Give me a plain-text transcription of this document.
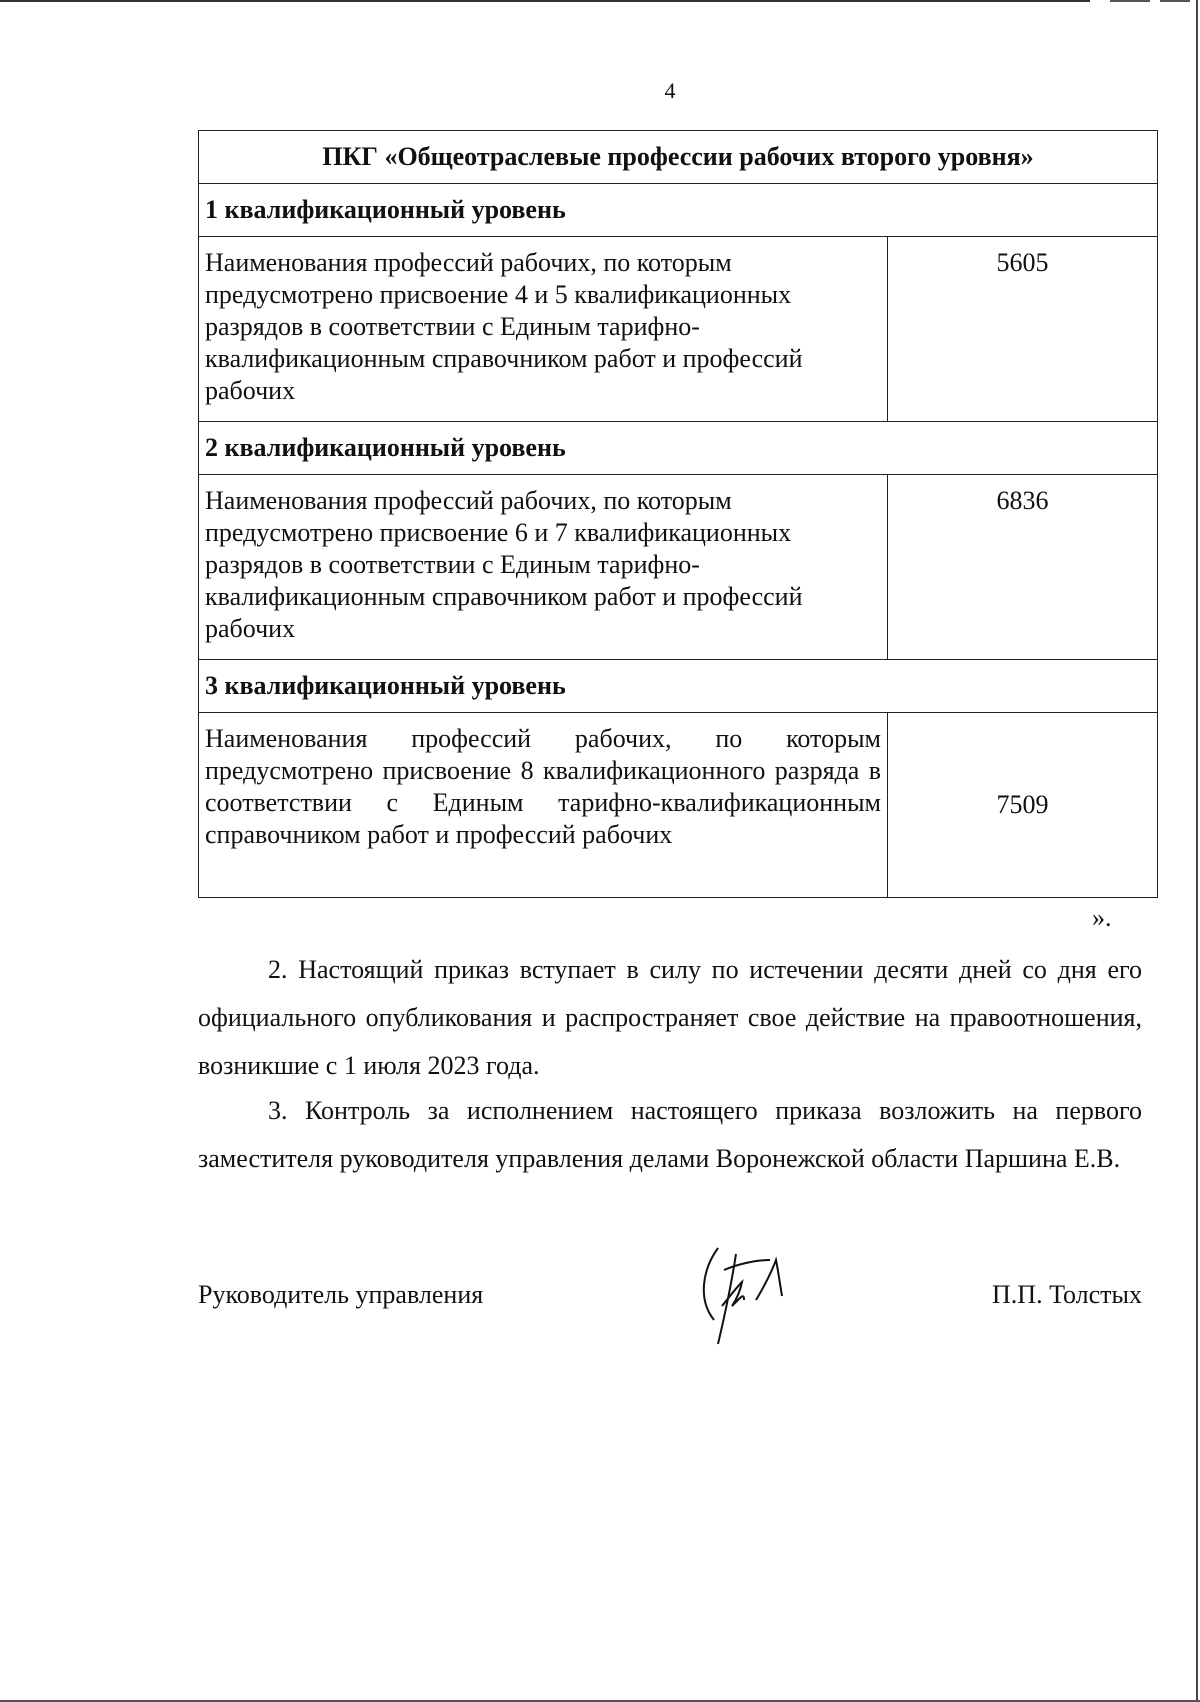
4
ПКГ «Общеотраслевые профессии рабочих второго уровня»	
1 квалификационный уровень	
Наименования профессий рабочих, по которым предусмотрено присвоение 4 и 5 квалификационных разрядов в соответствии с Единым тарифно-квалификационным справочником работ и профессий рабочих	5605
2 квалификационный уровень	
Наименования профессий рабочих, по которым предусмотрено присвоение 6 и 7 квалификационных разрядов в соответствии с Единым тарифно-квалификационным справочником работ и профессий рабочих	6836
3 квалификационный уровень	
Наименования профессий рабочих, по которым предусмотрено присвоение 8 квалификационного разряда в соответствии с Единым тарифно-квалификационным справочником работ и профессий рабочих	7509
».

2. Настоящий приказ вступает в силу по истечении десяти дней со дня его официального опубликования и распространяет свое действие на правоотношения, возникшие с 1 июля 2023 года.

3. Контроль за исполнением настоящего приказа возложить на первого заместителя руководителя управления делами Воронежской области Паршина Е.В.

Руководитель управления	П.П. Толстых
